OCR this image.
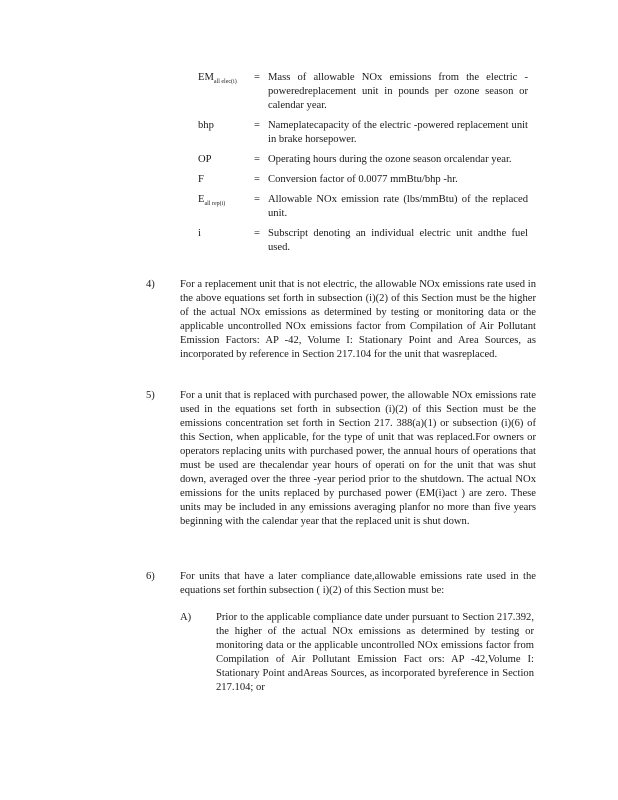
$EM_{all elec(i)}$	= Mass of allowable NOx emissions from the electric -poweredreplacement unit in pounds per ozone season or calendar year.
bhp	= Nameplatecapacity of the electric -powered replacement unit in brake horsepower.
OP	= Operating hours during the ozone season orcalendar year.
F	= Conversion factor of 0.0077 mmBtu/bhp -hr.
$E_{all rep(i)}$	= Allowable NOx emission rate (lbs/mmBtu) of the replaced unit.
i	= Subscript denoting an individual electric unit andthe fuel used.
4)	For a replacement unit that is not electric, the allowable NOx emissions rate used in the above equations set forth in subsection (i)(2) of this Section must be the higher of the actual NOx emissions as determined by testing or monitoring data or the applicable uncontrolled NOx emissions factor from Compilation of Air Pollutant Emission Factors: AP -42, Volume I: Stationary Point and Area Sources, as incorporated by reference in Section 217.104 for the unit that wasreplaced.
5)	For a unit that is replaced with purchased power, the allowable NOx emissions rate used in the equations set forth in subsection (i)(2) of this Section must be the emissions concentration set forth in Section 217. 388(a)(1) or subsection (i)(6) of this Section, when applicable, for the type of unit that was replaced.For owners or operators replacing units with purchased power, the annual hours of operations that must be used are thecalendar year hours of operati on for the unit that was shut down, averaged over the three -year period prior to the shutdown. The actual NOx emissions for the units replaced by purchased power (EM(i)act ) are zero. These units may be included in any emissions averaging planfor no more than five years beginning with the calendar year that the replaced unit is shut down.
6)	For units that have a later compliance date,allowable emissions rate used in the equations set forthin subsection ( i)(2) of this Section must be:
A)	Prior to the applicable compliance date under pursuant to Section 217.392, the higher of the actual NOx emissions as determined by testing or monitoring data or the applicable uncontrolled NOx emissions factor from Compilation of Air Pollutant Emission Fact ors: AP -42,Volume I: Stationary Point andAreas Sources, as incorporated byreference in Section 217.104; or
